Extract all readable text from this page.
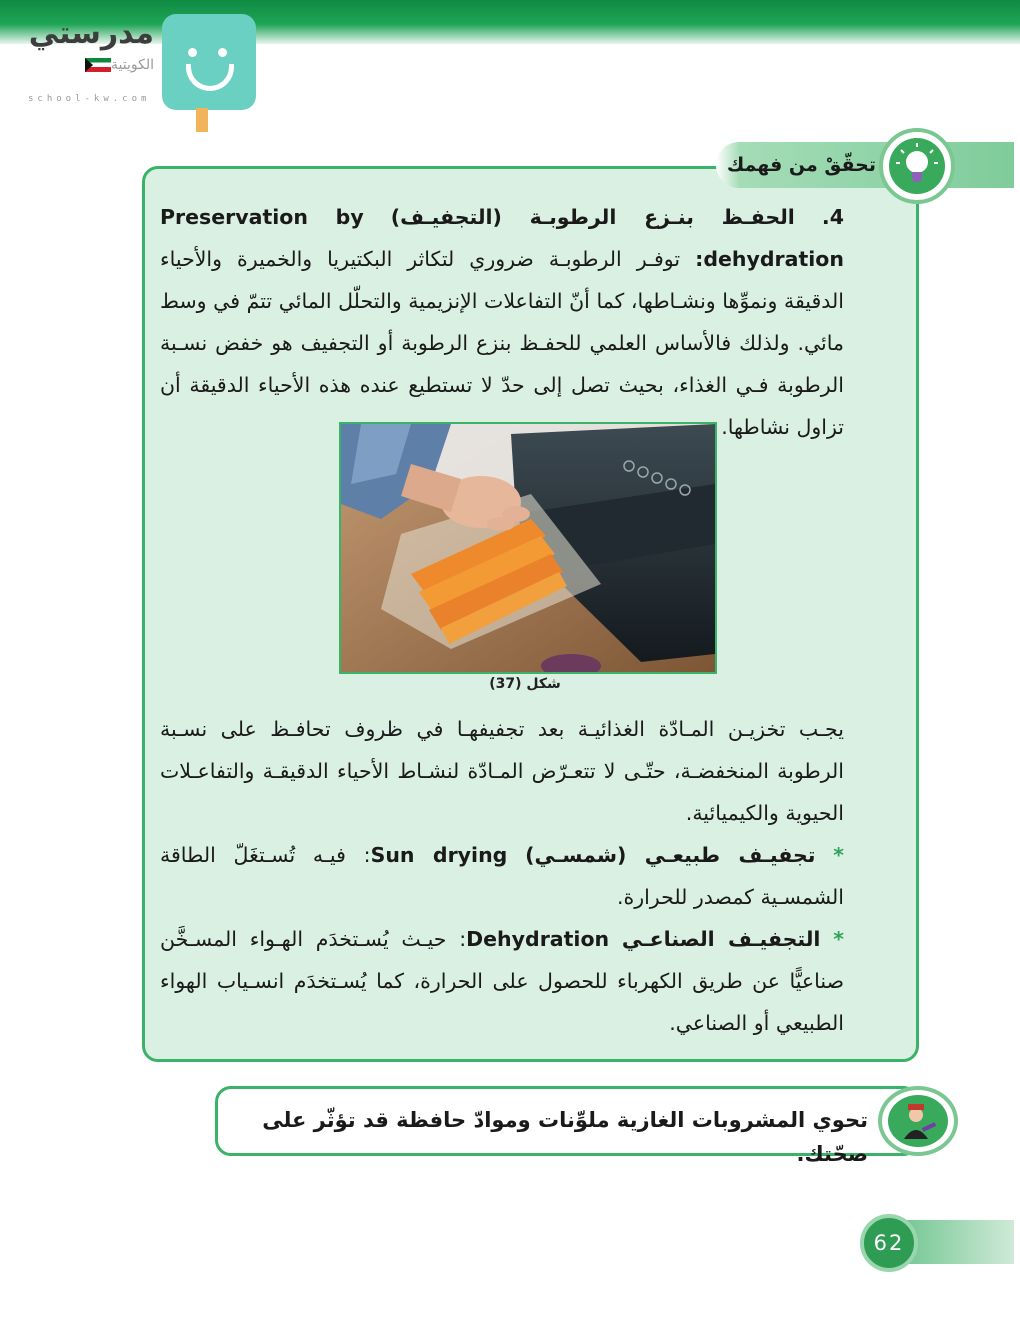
مدرستي
الكويتية
school-kw.com
تحقّقْ من فهمك
4. الحفـظ بنـزع الرطوبـة (التجفيـف) Preservation by dehydration: توفـر الرطوبـة ضروري لتكاثر البكتيريا والخميرة والأحياء الدقيقة ونموِّها ونشـاطها، كما أنّ التفاعلات الإنزيمية والتحلّل المائي تتمّ في وسط مائي. ولذلك فالأساس العلمي للحفـظ بنزع الرطوبة أو التجفيف هو خفض نسـبة الرطوبة فـي الغذاء، بحيث تصل إلى حدّ لا تستطيع عنده هذه الأحياء الدقيقة أن تزاول نشاطها.
شكل (37)
يجـب تخزيـن المـادّة الغذائيـة بعد تجفيفهـا في ظروف تحافـظ على نسـبة الرطوبة المنخفضـة، حتّـى لا تتعـرّض المـادّة لنشـاط الأحياء الدقيقـة والتفاعـلات الحيوية والكيميائية.
* تجفيـف طبيعـي (شمسـي) Sun drying: فيـه تُسـتغَلّ الطاقة الشمسـية كمصدر للحرارة.
* التجفيـف الصناعـي Dehydration: حيـث يُسـتخدَم الهـواء المسـخَّن صناعيًّا عن طريق الكهرباء للحصول على الحرارة، كما يُسـتخدَم انسـياب الهواء الطبيعي أو الصناعي.
تحوي المشروبات الغازية ملوِّنات وموادّ حافظة قد تؤثّر على صحّتك.
62
